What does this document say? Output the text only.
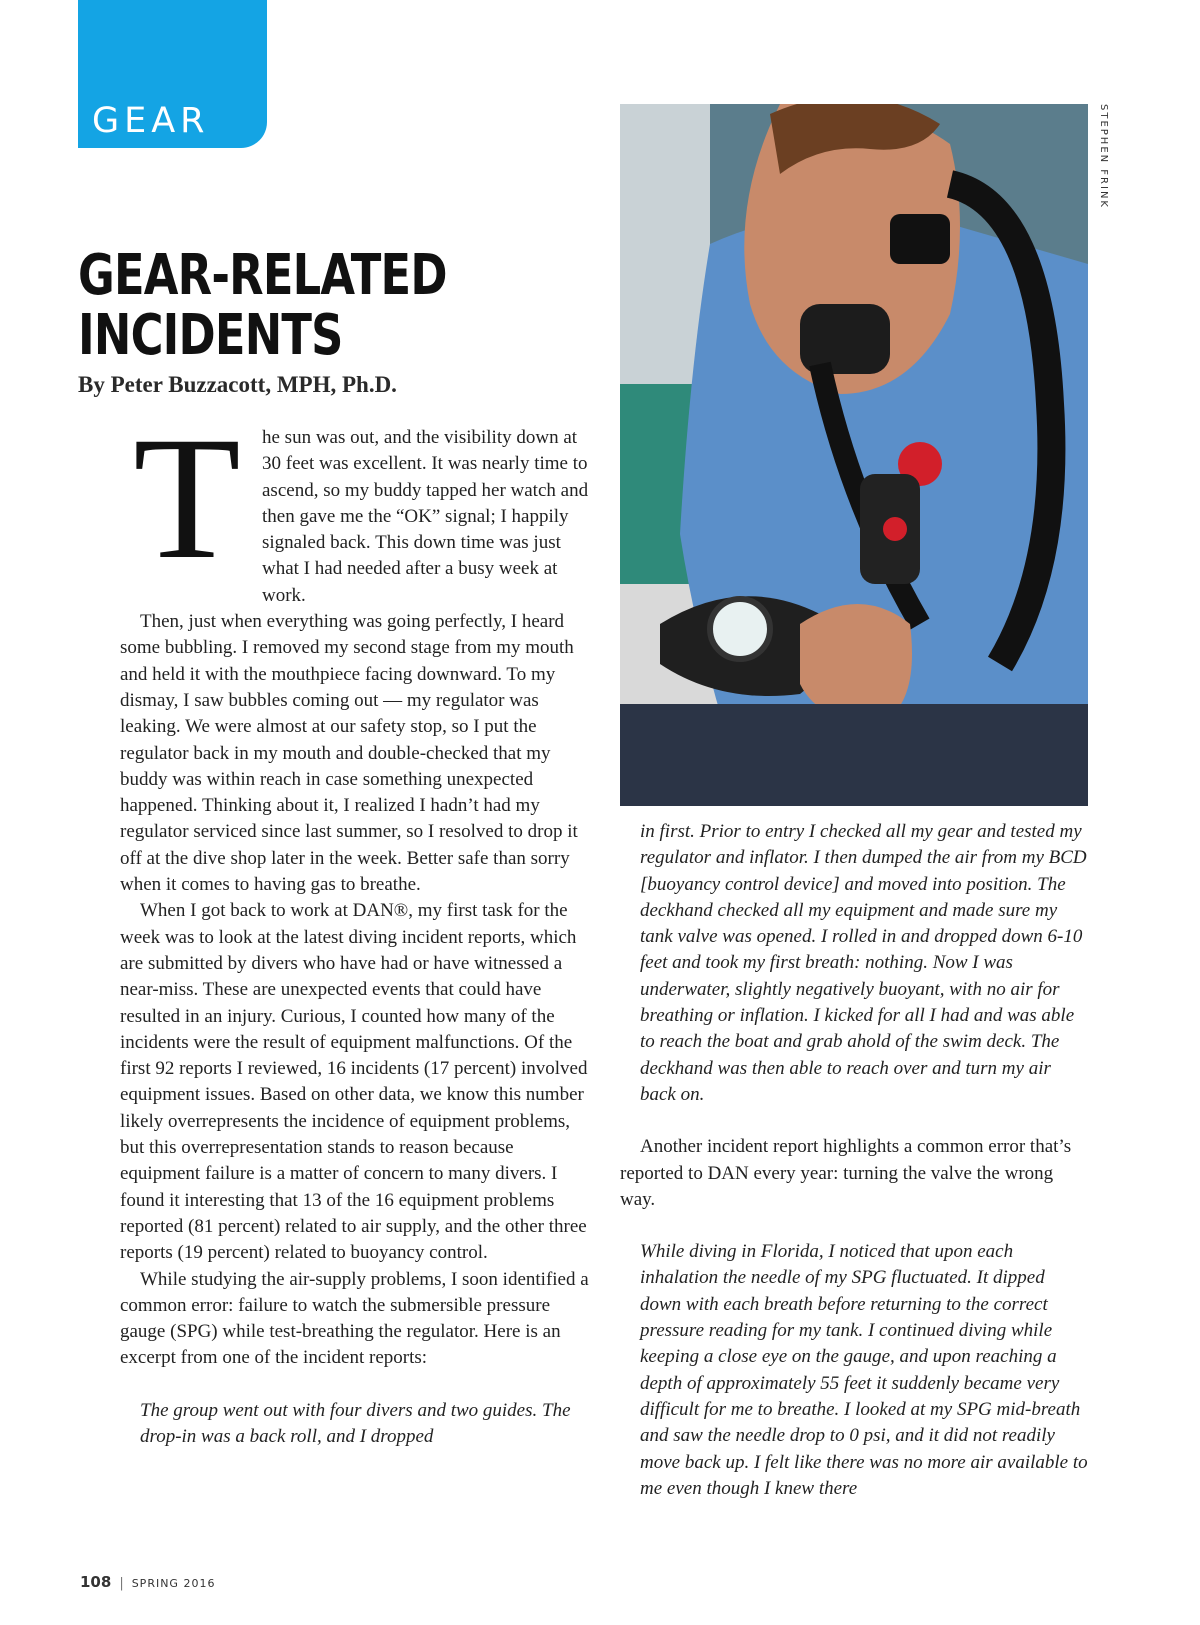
GEAR
GEAR-RELATED
INCIDENTS
By Peter Buzzacott, MPH, Ph.D.

T	he sun was out, and the visibility down at 30 feet was excellent. It was nearly time to ascend, so my buddy tapped her watch and then gave me the “OK” signal; I happily signaled back. This down time was just what I had needed after a busy week at work.

Then, just when everything was going perfectly, I heard some bubbling. I removed my second stage from my mouth and held it with the mouthpiece facing downward. To my dismay, I saw bubbles coming out — my regulator was leaking. We were almost at our safety stop, so I put the regulator back in my mouth and double-checked that my buddy was within reach in case something unexpected happened. Thinking about it, I realized I hadn’t had my regulator serviced since last summer, so I resolved to drop it off at the dive shop later in the week. Better safe than sorry when it comes to having gas to breathe.

When I got back to work at DAN®, my first task for the week was to look at the latest diving incident reports, which are submitted by divers who have had or have witnessed a near-miss. These are unexpected events that could have resulted in an injury. Curious, I counted how many of the incidents were the result of equipment malfunctions. Of the first 92 reports I reviewed, 16 incidents (17 percent) involved equipment issues. Based on other data, we know this number likely overrepresents the incidence of equipment problems, but this overrepresentation stands to reason because equipment failure is a matter of concern to many divers. I found it interesting that 13 of the 16 equipment problems reported (81 percent) related to air supply, and the other three reports (19 percent) related to buoyancy control.

While studying the air-supply problems, I soon identified a common error: failure to watch the submersible pressure gauge (SPG) while test-breathing the regulator. Here is an excerpt from one of the incident reports:

The group went out with four divers and two guides. The drop-in was a back roll, and I dropped

STEPHEN FRINK

in first. Prior to entry I checked all my gear and tested my regulator and inflator. I then dumped the air from my BCD [buoyancy control device] and moved into position. The deckhand checked all my equipment and made sure my tank valve was opened. I rolled in and dropped down 6-10 feet and took my first breath: nothing. Now I was underwater, slightly negatively buoyant, with no air for breathing or inflation. I kicked for all I had and was able to reach the boat and grab ahold of the swim deck. The deckhand was then able to reach over and turn my air back on.

Another incident report highlights a common error that’s reported to DAN every year: turning the valve the wrong way.

While diving in Florida, I noticed that upon each inhalation the needle of my SPG fluctuated. It dipped down with each breath before returning to the correct pressure reading for my tank. I continued diving while keeping a close eye on the gauge, and upon reaching a depth of approximately 55 feet it suddenly became very difficult for me to breathe. I looked at my SPG mid-breath and saw the needle drop to 0 psi, and it did not readily move back up. I felt like there was no more air available to me even though I knew there

108 | SPRING 2016
